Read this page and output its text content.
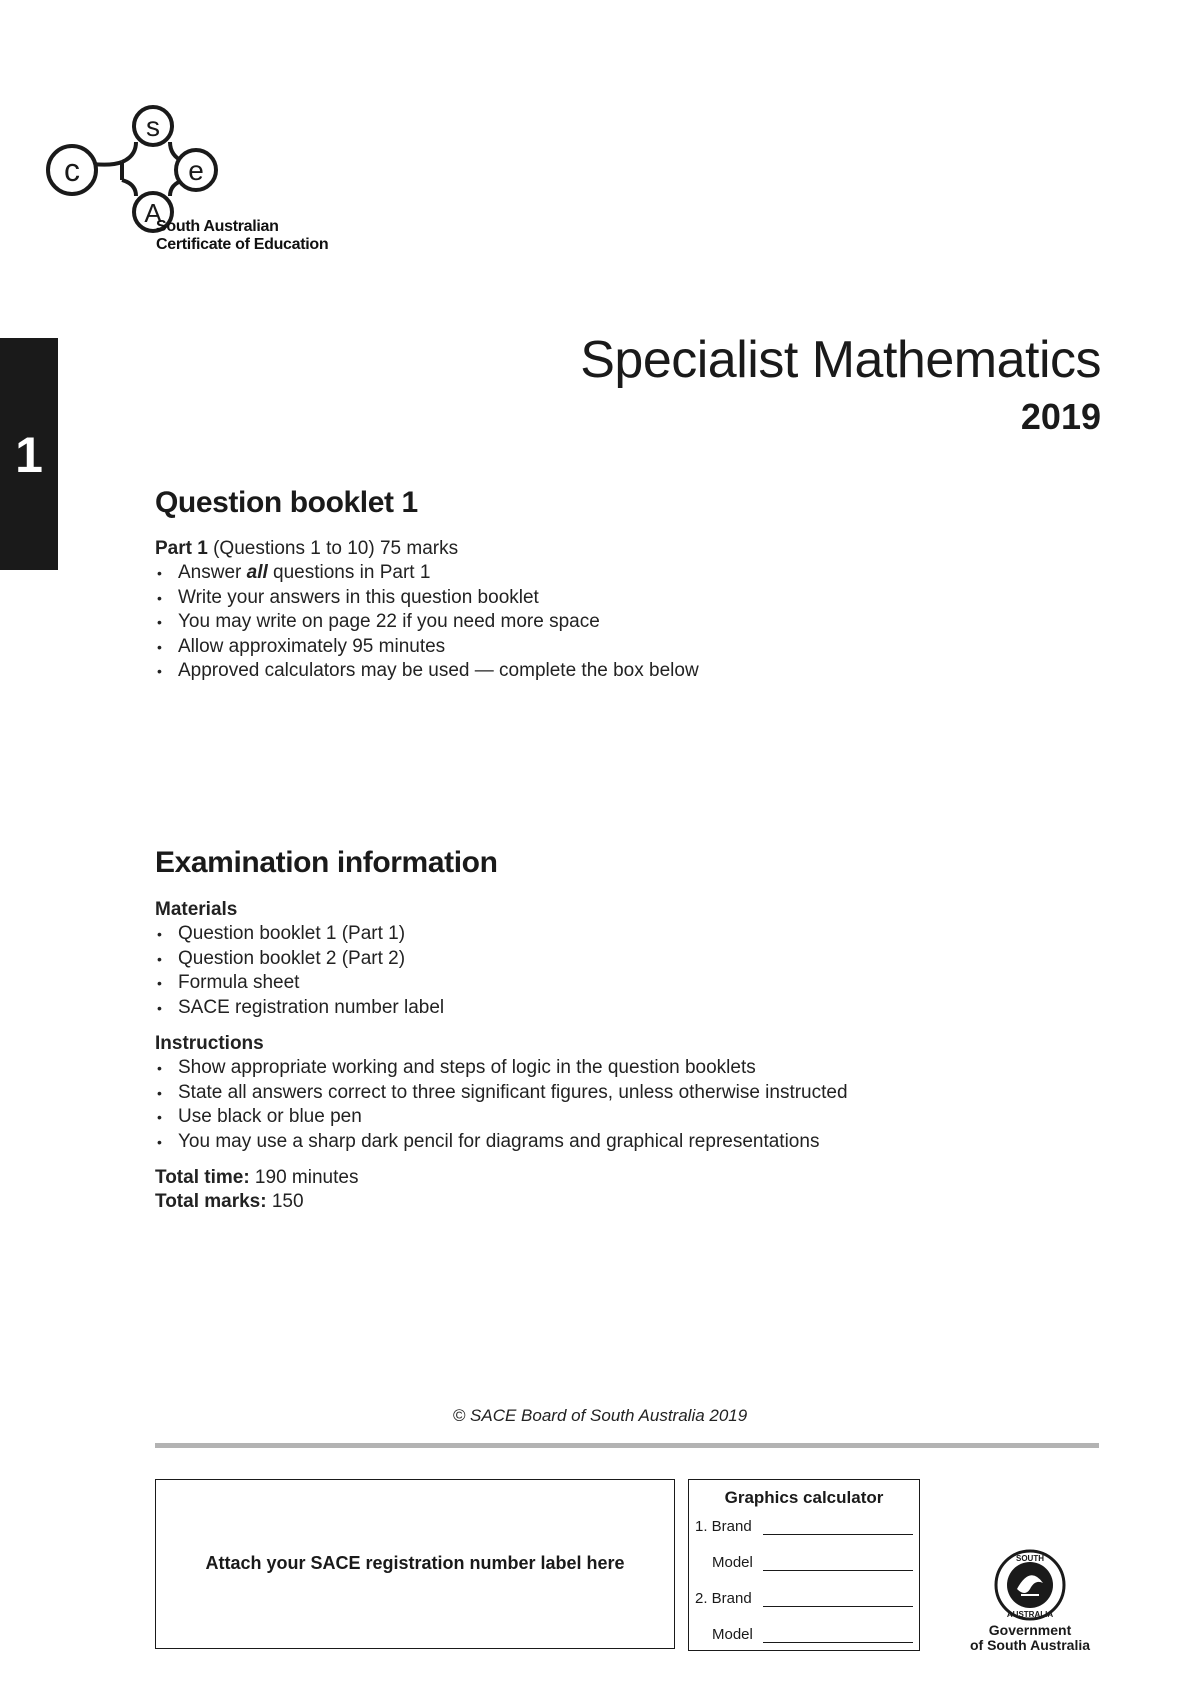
s
c	e
A
South Australian
Certificate of Education
1
Specialist Mathematics
2019
Question booklet 1
Part 1 (Questions 1 to 10) 75 marks
• Answer all questions in Part 1
• Write your answers in this question booklet
• You may write on page 22 if you need more space
• Allow approximately 95 minutes
• Approved calculators may be used — complete the box below
Examination information
Materials
• Question booklet 1 (Part 1)
• Question booklet 2 (Part 2)
• Formula sheet
• SACE registration number label
Instructions
• Show appropriate working and steps of logic in the question booklets
• State all answers correct to three significant figures, unless otherwise instructed
• Use black or blue pen
• You may use a sharp dark pencil for diagrams and graphical representations
Total time: 190 minutes
Total marks: 150
© SACE Board of South Australia 2019
Attach your SACE registration number label here
Graphics calculator
1. Brand
Model
2. Brand
Model
SOUTH
AUSTRALIA
Government
of South Australia
